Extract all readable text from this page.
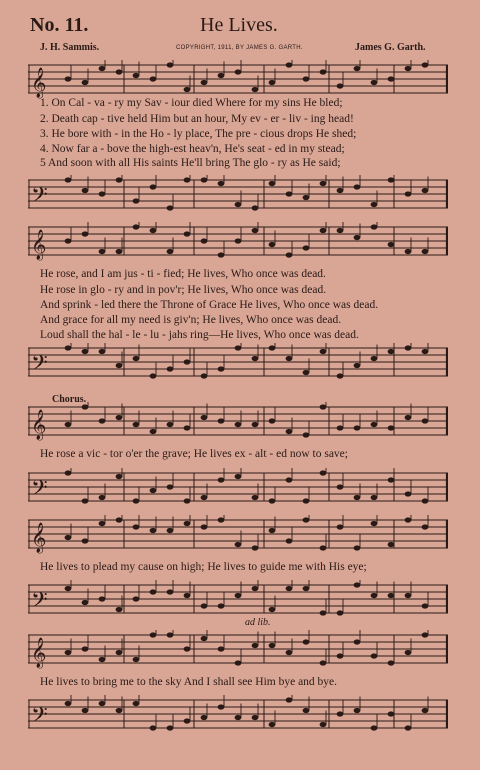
No. 11.	He Lives.
J. H. Sammis.	COPYRIGHT, 1911, BY JAMES G. GARTH.	James G. Garth.
𝄞
𝄢
𝄞
𝄢
𝄞
𝄢
𝄞
𝄢
𝄞
𝄢
1. On Cal - va - ry my Sav - iour died Where for my sins He bled;
2. Death cap - tive held Him but an hour, My ev - er - liv - ing head!
3. He bore with - in the Ho - ly place, The pre - cious drops He shed;
4. Now far a - bove the high-est heav'n, He's seat - ed in my stead;
5 And soon with all His saints He'll bring The glo - ry as He said;
He rose, and I am jus - ti - fied; He lives, Who once was dead.
He rose in glo - ry and in pov'r; He lives, Who once was dead.
And sprink - led there the Throne of Grace He lives, Who once was dead.
And grace for all my need is giv'n; He lives, Who once was dead.
Loud shall the hal - le - lu - jahs ring—He lives, Who once was dead.
Chorus.
He rose a vic - tor o'er the grave; He lives ex - alt - ed now to save;
He lives to plead my cause on high; He lives to guide me with His eye;
ad lib.
He lives to bring me to the sky And I shall see Him bye and bye.
